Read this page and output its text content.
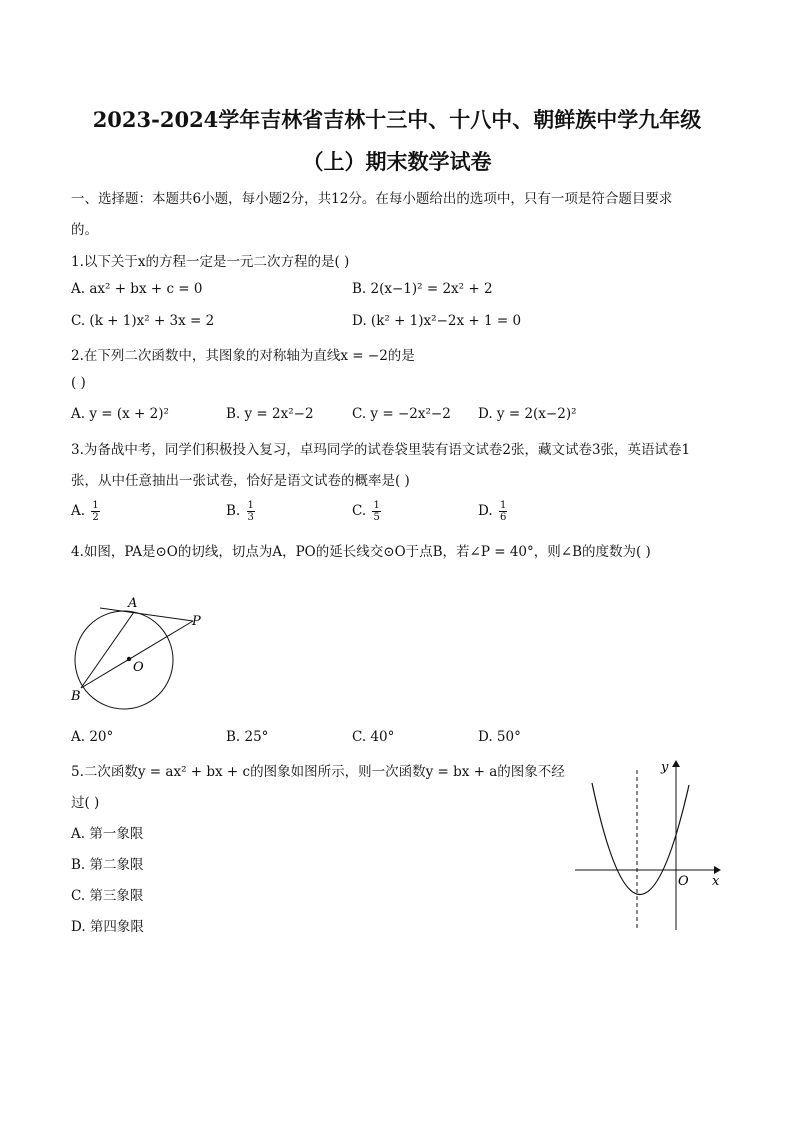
2023-2024学年吉林省吉林十三中、十八中、朝鲜族中学九年级
（上）期末数学试卷
一、选择题：本题共6小题，每小题2分，共12分。在每小题给出的选项中，只有一项是符合题目要求
的。
1.以下关于x的方程一定是一元二次方程的是( )
A. ax² + bx + c = 0	B. 2(x−1)² = 2x² + 2
C. (k + 1)x² + 3x = 2	D. (k² + 1)x²−2x + 1 = 0
2.在下列二次函数中，其图象的对称轴为直线x = −2的是
( )
A. y = (x + 2)²	B. y = 2x²−2	C. y = −2x²−2 D. y = 2(x−2)²
3.为备战中考，同学们积极投入复习，卓玛同学的试卷袋里装有语文试卷2张，藏文试卷3张，英语试卷1
张，从中任意抽出一张试卷，恰好是语文试卷的概率是( )
A. $\frac{1}{2}$	B. $\frac{1}{3}$	C. $\frac{1}{5}$	D. $\frac{1}{6}$
4.如图，PA是⊙O的切线，切点为A，PO的延长线交⊙O于点B，若∠P = 40°，则∠B的度数为( )
A
P
O
B
A. 20°	B. 25°	C. 40°	D. 50°
5.二次函数y = ax² + bx + c的图象如图所示，则一次函数y = bx + a的图象不经
过( )
A. 第一象限
B. 第二象限
C. 第三象限
D. 第四象限
y
O x
